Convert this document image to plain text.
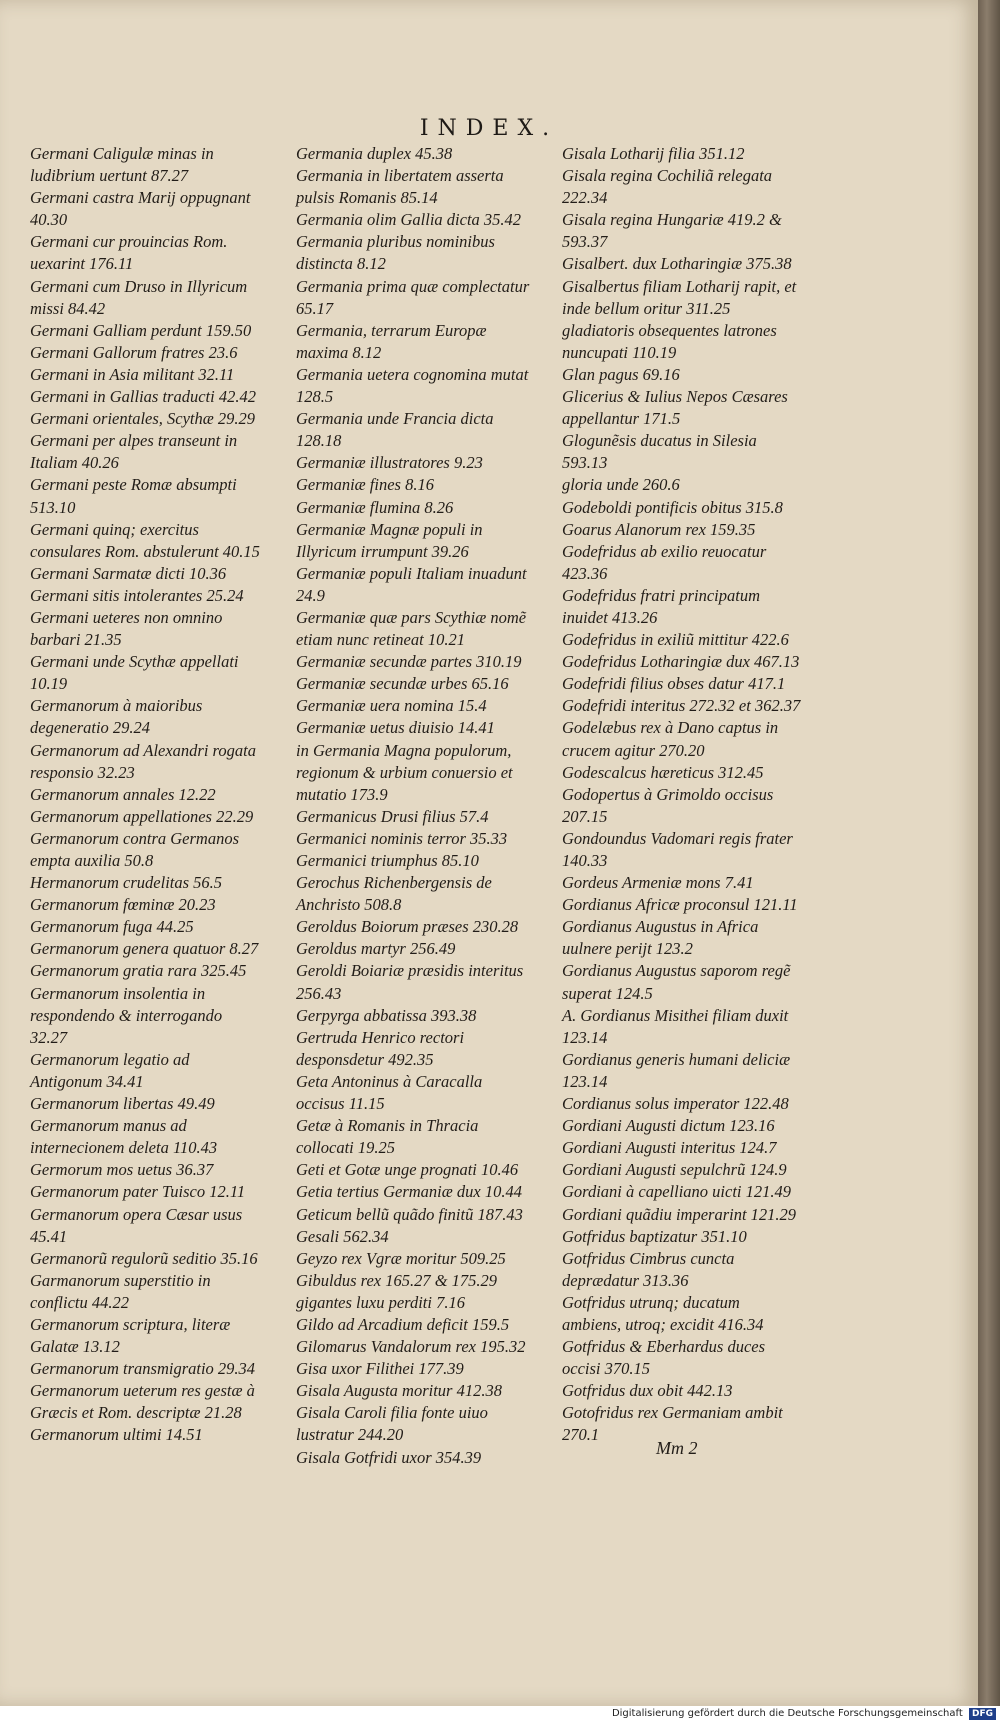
INDEX.

Germani Caligulæ minas in ludibrium uertunt 87.27

Germani castra Marij oppugnant 40.30

Germani cur prouincias Rom. uexarint 176.11

Germani cum Druso in Illyricum missi 84.42

Germani Galliam perdunt 159.50

Germani Gallorum fratres 23.6

Germani in Asia militant 32.11

Germani in Gallias traducti 42.42

Germani orientales, Scythæ 29.29

Germani per alpes transeunt in Italiam 40.26

Germani peste Romæ absumpti 513.10

Germani quinq; exercitus consulares Rom. abstulerunt 40.15

Germani Sarmatæ dicti 10.36

Germani sitis intolerantes 25.24

Germani ueteres non omnino barbari 21.35

Germani unde Scythæ appellati 10.19

Germanorum à maioribus degeneratio 29.24

Germanorum ad Alexandri rogata responsio 32.23

Germanorum annales 12.22

Germanorum appellationes 22.29

Germanorum contra Germanos empta auxilia 50.8

Hermanorum crudelitas 56.5

Germanorum fœminæ 20.23

Germanorum fuga 44.25

Germanorum genera quatuor 8.27

Germanorum gratia rara 325.45

Germanorum insolentia in respondendo & interrogando 32.27

Germanorum legatio ad Antigonum 34.41

Germanorum libertas 49.49

Germanorum manus ad internecionem deleta 110.43

Germorum mos uetus 36.37

Germanorum pater Tuisco 12.11

Germanorum opera Cæsar usus 45.41

Germanorũ regulorũ seditio 35.16

Garmanorum superstitio in conflictu 44.22

Germanorum scriptura, literæ Galatæ 13.12

Germanorum transmigratio 29.34

Germanorum ueterum res gestæ à Græcis et Rom. descriptæ 21.28

Germanorum ultimi 14.51

Germania duplex 45.38

Germania in libertatem asserta pulsis Romanis 85.14

Germania olim Gallia dicta 35.42

Germania pluribus nominibus distincta 8.12

Germania prima quæ complectatur 65.17

Germania, terrarum Europæ maxima 8.12

Germania uetera cognomina mutat 128.5

Germania unde Francia dicta 128.18

Germaniæ illustratores 9.23

Germaniæ fines 8.16

Germaniæ flumina 8.26

Germaniæ Magnæ populi in Illyricum irrumpunt 39.26

Germaniæ populi Italiam inuadunt 24.9

Germaniæ quæ pars Scythiæ nomẽ etiam nunc retineat 10.21

Germaniæ secundæ partes 310.19

Germaniæ secundæ urbes 65.16

Germaniæ uera nomina 15.4

Germaniæ uetus diuisio 14.41

in Germania Magna populorum, regionum & urbium conuersio et mutatio 173.9

Germanicus Drusi filius 57.4

Germanici nominis terror 35.33

Germanici triumphus 85.10

Gerochus Richenbergensis de Anchristo 508.8

Geroldus Boiorum præses 230.28

Geroldus martyr 256.49

Geroldi Boiariæ præsidis interitus 256.43

Gerpyrga abbatissa 393.38

Gertruda Henrico rectori desponsdetur 492.35

Geta Antoninus à Caracalla occisus 11.15

Getæ à Romanis in Thracia collocati 19.25

Geti et Gotæ unge prognati 10.46

Getia tertius Germaniæ dux 10.44

Geticum bellũ quãdo finitũ 187.43

Gesali 562.34

Geyzo rex Vgræ moritur 509.25

Gibuldus rex 165.27 & 175.29

gigantes luxu perditi 7.16

Gildo ad Arcadium deficit 159.5

Gilomarus Vandalorum rex 195.32

Gisa uxor Filithei 177.39

Gisala Augusta moritur 412.38

Gisala Caroli filia fonte uiuo lustratur 244.20

Gisala Gotfridi uxor 354.39

Gisala Lotharij filia 351.12

Gisala regina Cochiliã relegata 222.34

Gisala regina Hungariæ 419.2 & 593.37

Gisalbert. dux Lotharingiæ 375.38

Gisalbertus filiam Lotharij rapit, et inde bellum oritur 311.25

gladiatoris obsequentes latrones nuncupati 110.19

Glan pagus 69.16

Glicerius & Iulius Nepos Cæsares appellantur 171.5

Glogunẽsis ducatus in Silesia 593.13

gloria unde 260.6

Godeboldi pontificis obitus 315.8

Goarus Alanorum rex 159.35

Godefridus ab exilio reuocatur 423.36

Godefridus fratri principatum inuidet 413.26

Godefridus in exiliũ mittitur 422.6

Godefridus Lotharingiæ dux 467.13

Godefridi filius obses datur 417.1

Godefridi interitus 272.32 et 362.37

Godelæbus rex à Dano captus in crucem agitur 270.20

Godescalcus hæreticus 312.45

Godopertus à Grimoldo occisus 207.15

Gondoundus Vadomari regis frater 140.33

Gordeus Armeniæ mons 7.41

Gordianus Africæ proconsul 121.11

Gordianus Augustus in Africa uulnere perijt 123.2

Gordianus Augustus saporom regẽ superat 124.5

A. Gordianus Misithei filiam duxit 123.14

Gordianus generis humani deliciæ 123.14

Cordianus solus imperator 122.48

Gordiani Augusti dictum 123.16

Gordiani Augusti interitus 124.7

Gordiani Augusti sepulchrũ 124.9

Gordiani à capelliano uicti 121.49

Gordiani quãdiu imperarint 121.29

Gotfridus baptizatur 351.10

Gotfridus Cimbrus cuncta deprædatur 313.36

Gotfridus utrunq; ducatum ambiens, utroq; excidit 416.34

Gotfridus & Eberhardus duces occisi 370.15

Gotfridus dux obit 442.13

Gotofridus rex Germaniam ambit 270.1

Mm 2
Digitalisierung gefördert durch die Deutsche Forschungsgemeinschaft DFG
